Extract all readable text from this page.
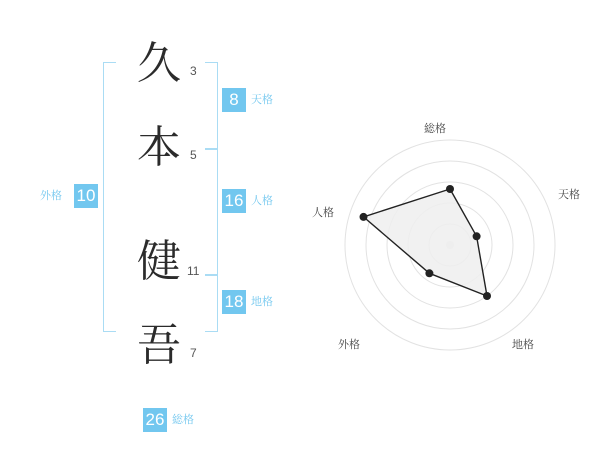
久 3
本 5
健 11
吾 7
8	天格
16 人格
18 地格
外格 10
26 総格
総格
天格
地格
外格
人格
